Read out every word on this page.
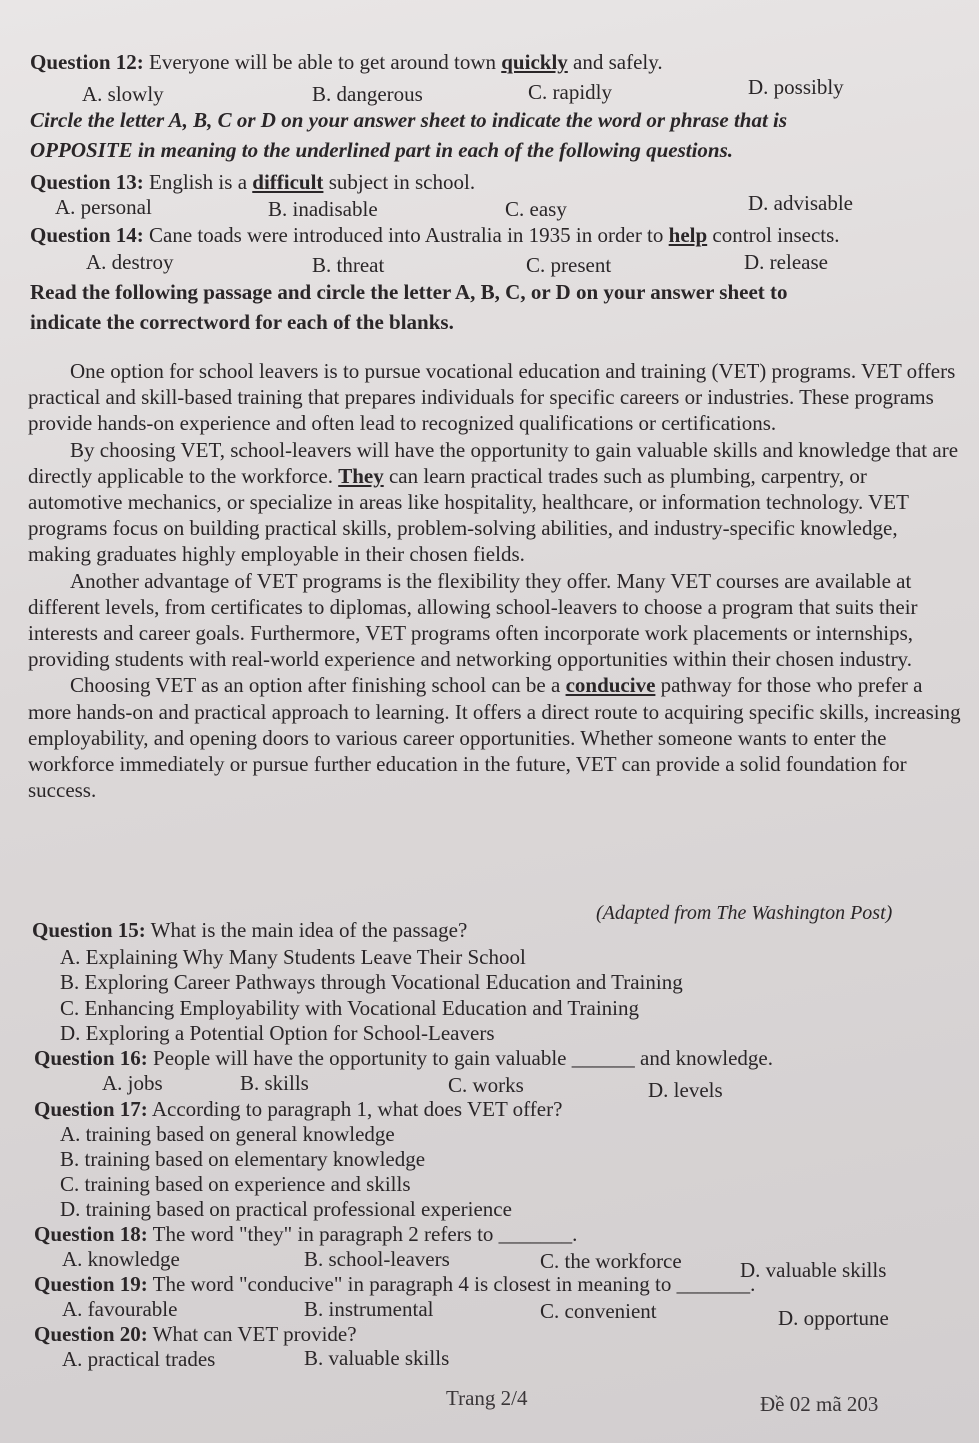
Question 12: Everyone will be able to get around town quickly and safely.
A. slowly	B. dangerous	C. rapidly	D. possibly
Circle the letter A, B, C or D on your answer sheet to indicate the word or phrase that is
OPPOSITE in meaning to the underlined part in each of the following questions.
Question 13: English is a difficult subject in school.
A. personal	B. inadisable	C. easy	D. advisable
Question 14: Cane toads were introduced into Australia in 1935 in order to help control insects.
A. destroy	B. threat	C. present	D. release
Read the following passage and circle the letter A, B, C, or D on your answer sheet to
indicate the correctword for each of the blanks.

One option for school leavers is to pursue vocational education and training (VET) programs. VET offers practical and skill-based training that prepares individuals for specific careers or industries. These programs provide hands-on experience and often lead to recognized qualifications or certifications.

By choosing VET, school-leavers will have the opportunity to gain valuable skills and knowledge that are directly applicable to the workforce. They can learn practical trades such as plumbing, carpentry, or automotive mechanics, or specialize in areas like hospitality, healthcare, or information technology. VET programs focus on building practical skills, problem-solving abilities, and industry-specific knowledge, making graduates highly employable in their chosen fields.

Another advantage of VET programs is the flexibility they offer. Many VET courses are available at different levels, from certificates to diplomas, allowing school-leavers to choose a program that suits their interests and career goals. Furthermore, VET programs often incorporate work placements or internships, providing students with real-world experience and networking opportunities within their chosen industry.

Choosing VET as an option after finishing school can be a conducive pathway for those who prefer a more hands-on and practical approach to learning. It offers a direct route to acquiring specific skills, increasing employability, and opening doors to various career opportunities. Whether someone wants to enter the workforce immediately or pursue further education in the future, VET can provide a solid foundation for success.

(Adapted from The Washington Post)
Question 15: What is the main idea of the passage?
A. Explaining Why Many Students Leave Their School
B. Exploring Career Pathways through Vocational Education and Training
C. Enhancing Employability with Vocational Education and Training
D. Exploring a Potential Option for School-Leavers
Question 16: People will have the opportunity to gain valuable ______ and knowledge.
A. jobs	B. skills	C. works	D. levels
Question 17: According to paragraph 1, what does VET offer?
A. training based on general knowledge
B. training based on elementary knowledge
C. training based on experience and skills
D. training based on practical professional experience
Question 18: The word "they" in paragraph 2 refers to _______.
A. knowledge	B. school-leavers	C. the workforce	D. valuable skills
Question 19: The word "conducive" in paragraph 4 is closest in meaning to _______.
A. favourable	B. instrumental	C. convenient	D. opportune
Question 20: What can VET provide?
A. practical trades	B. valuable skills
Trang 2/4	Đề 02 mã 203
